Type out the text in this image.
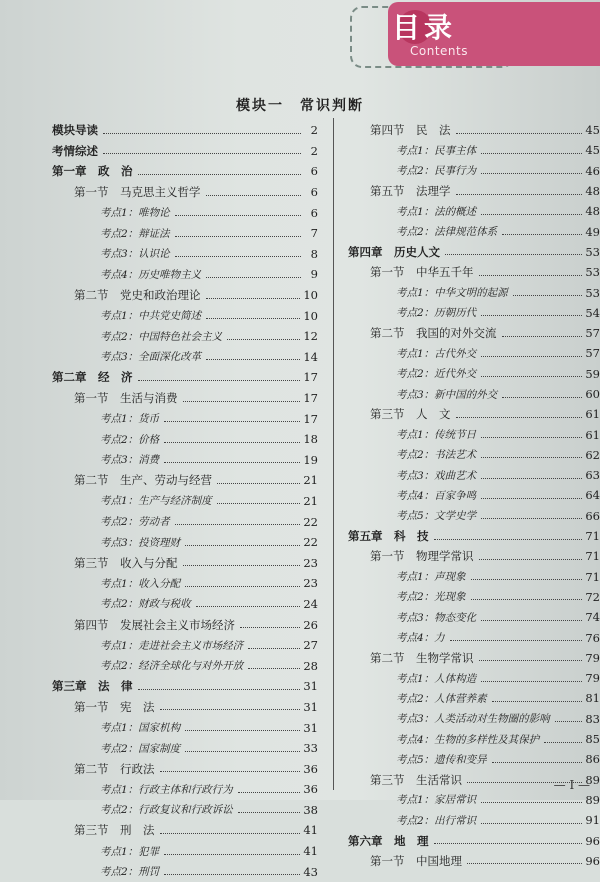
目录
Contents
模块一　常识判断
模块导读	2
考情综述	2
第一章　政　治	6
第一节　马克思主义哲学	6
考点1：唯物论	6
考点2：辩证法	7
考点3：认识论	8
考点4：历史唯物主义	9
第二节　党史和政治理论	10
考点1：中共党史简述	10
考点2：中国特色社会主义	12
考点3：全面深化改革	14
第二章　经　济	17
第一节　生活与消费	17
考点1：货币	17
考点2：价格	18
考点3：消费	19
第二节　生产、劳动与经营	21
考点1：生产与经济制度	21
考点2：劳动者	22
考点3：投资理财	22
第三节　收入与分配	23
考点1：收入分配	23
考点2：财政与税收	24
第四节　发展社会主义市场经济	26
考点1：走进社会主义市场经济	27
考点2：经济全球化与对外开放	28
第三章　法　律	31
第一节　宪　法	31
考点1：国家机构	31
考点2：国家制度	33
第二节　行政法	36
考点1：行政主体和行政行为	36
考点2：行政复议和行政诉讼	38
第三节　刑　法	41
考点1：犯罪	41
考点2：刑罚	43
第四节　民　法	45
考点1：民事主体	45
考点2：民事行为	46
第五节　法理学	48
考点1：法的概述	48
考点2：法律规范体系	49
第四章　历史人文	53
第一节　中华五千年	53
考点1：中华文明的起源	53
考点2：历朝历代	54
第二节　我国的对外交流	57
考点1：古代外交	57
考点2：近代外交	59
考点3：新中国的外交	60
第三节　人　文	61
考点1：传统节日	61
考点2：书法艺术	62
考点3：戏曲艺术	63
考点4：百家争鸣	64
考点5：文学史学	66
第五章　科　技	71
第一节　物理学常识	71
考点1：声现象	71
考点2：光现象	72
考点3：物态变化	74
考点4：力	76
第二节　生物学常识	79
考点1：人体构造	79
考点2：人体营养素	81
考点3：人类活动对生物圈的影响	83
考点4：生物的多样性及其保护	85
考点5：遗传和变异	86
第三节　生活常识	89
考点1：家居常识	89
考点2：出行常识	91
第六章　地　理	96
第一节　中国地理	96
— I —
